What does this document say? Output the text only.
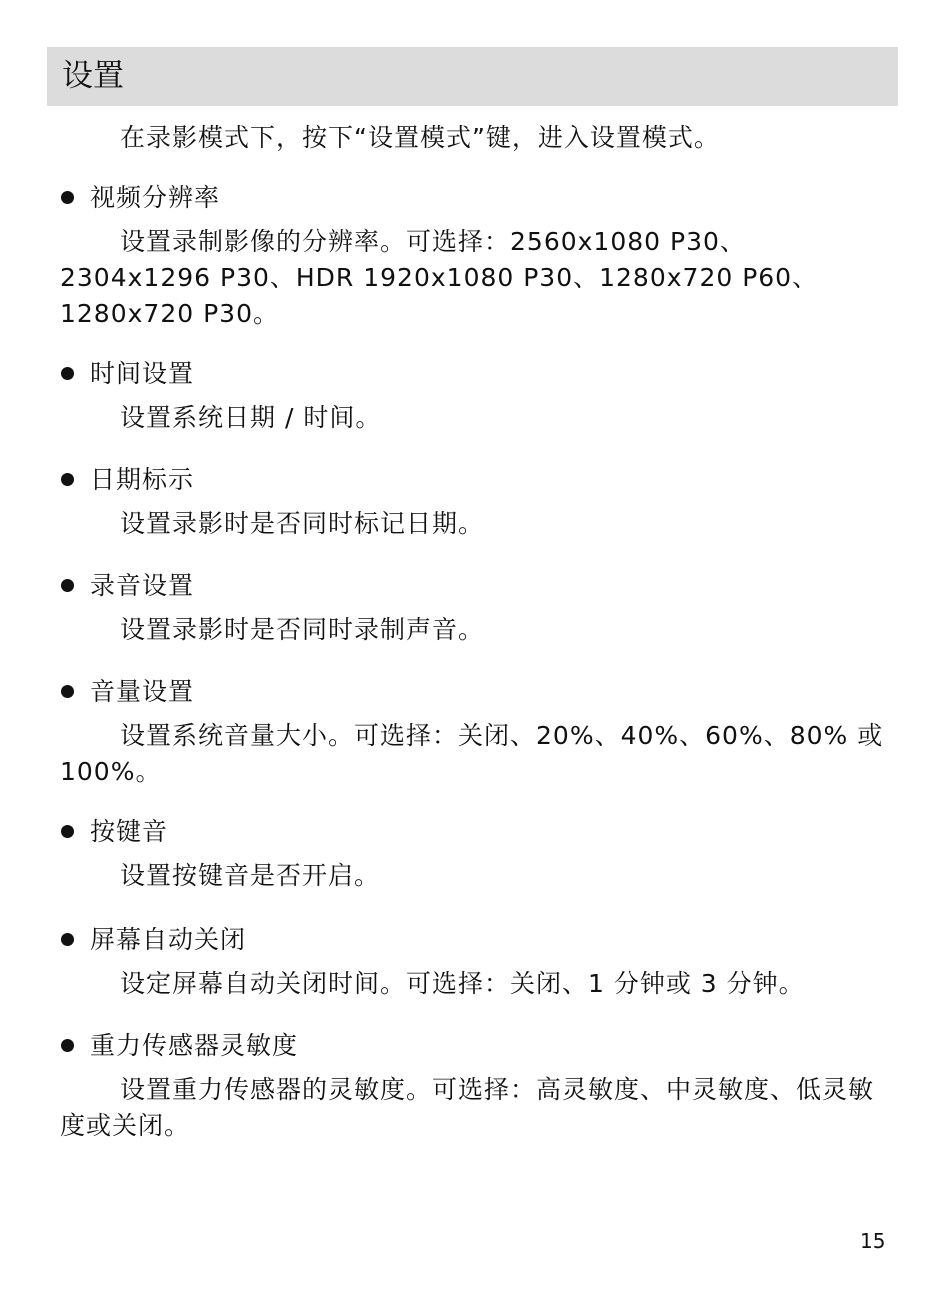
设置
在录影模式下，按下“设置模式”键，进入设置模式。
视频分辨率
设置录制影像的分辨率。可选择：2560x1080 P30、2304x1296 P30、HDR 1920x1080 P30、1280x720 P60、1280x720 P30。
时间设置
设置系统日期 / 时间。
日期标示
设置录影时是否同时标记日期。
录音设置
设置录影时是否同时录制声音。
音量设置
设置系统音量大小。可选择：关闭、20%、40%、60%、80% 或 100%。
按键音
设置按键音是否开启。
屏幕自动关闭
设定屏幕自动关闭时间。可选择：关闭、1 分钟或 3 分钟。
重力传感器灵敏度
设置重力传感器的灵敏度。可选择：高灵敏度、中灵敏度、低灵敏度或关闭。
15
